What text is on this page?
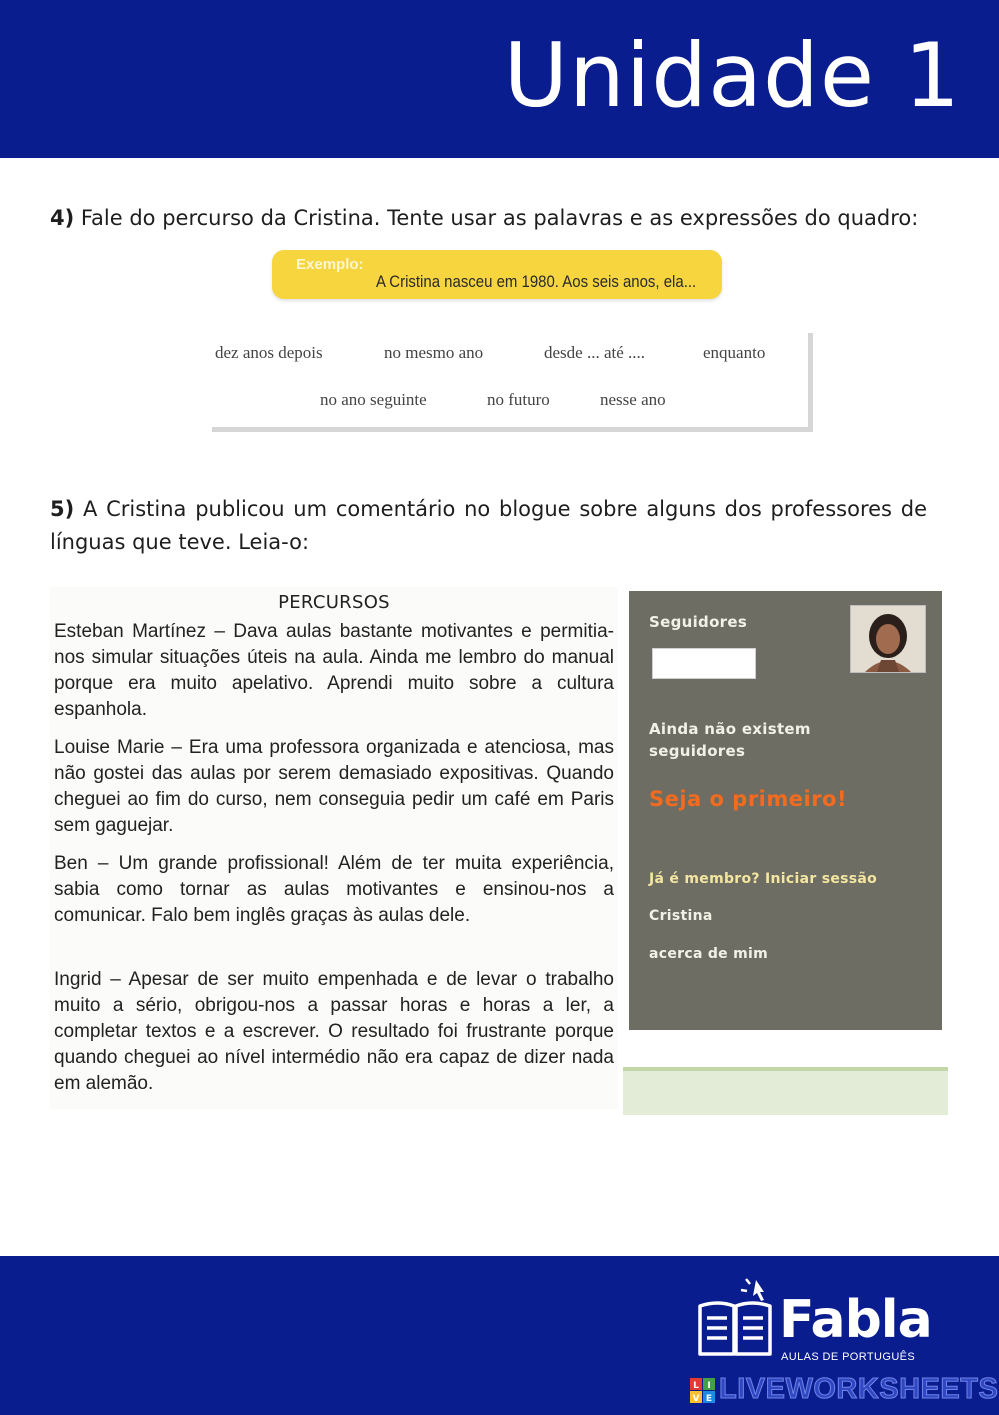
Unidade 1
4) Fale do percurso da Cristina. Tente usar as palavras e as expressões do quadro:
Exemplo:
A Cristina nasceu em 1980. Aos seis anos, ela...
dez anos depois	no mesmo ano	desde ... até ....	enquanto
no ano seguinte	no futuro	nesse ano
5) A Cristina publicou um comentário no blogue sobre alguns dos professores de línguas que teve. Leia-o:
PERCURSOS
Esteban Martínez – Dava aulas bastante motivantes e permitia-nos simular situações úteis na aula. Ainda me lembro do manual porque era muito apelativo. Aprendi muito sobre a cultura espanhola.
Louise Marie – Era uma professora organizada e atenciosa, mas não gostei das aulas por serem demasiado expositivas. Quando cheguei ao fim do curso, nem conseguia pedir um café em Paris sem gaguejar.
Ben – Um grande profissional! Além de ter muita experiência, sabia como tornar as aulas motivantes e ensinou-nos a comunicar. Falo bem inglês graças às aulas dele.
Ingrid – Apesar de ser muito empenhada e de levar o trabalho muito a sério, obrigou-nos a passar horas e horas a ler, a completar textos e a escrever. O resultado foi frustrante porque quando cheguei ao nível intermédio não era capaz de dizer nada em alemão.
Seguidores
Ainda não existem
seguidores
Seja o primeiro!
Já é membro? Iniciar sessão
Cristina
acerca de mim
Fabla
AULAS DE PORTUGUÊS
L I
V E LIVEWORKSHEETS
